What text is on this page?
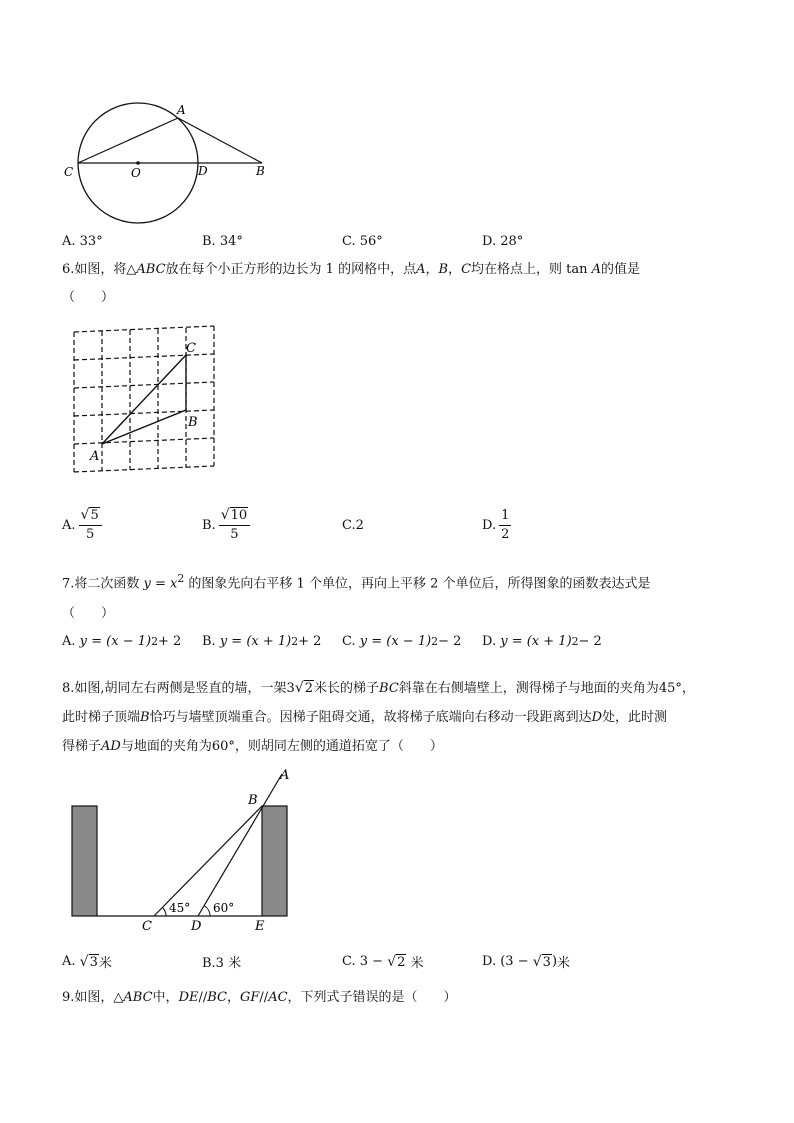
A
C	O	D	B
A. 33°	B. 34°	C. 56°	D. 28°
6.如图，将△ABC放在每个小正方形的边长为 1 的网格中，点A，B，C均在格点上，则 tan A的值是
（　　）
A
B
C
A. $\frac{√5}{5}$	B. $\frac{√10}{5}$	C.2	D. $\frac{1}{2}$
7.将二次函数 $y = x^2$ 的图象先向右平移 1 个单位，再向上平移 2 个单位后，所得图象的函数表达式是
（　　）
A.
y = (x − 1) 2 + 2 B.
y = (x + 1) 2 + 2 C.
y = (x − 1) 2 − 2 D.
y = (x + 1) 2 − 2
8.如图,胡同左右两侧是竖直的墙，一架3√2米长的梯子BC斜靠在右侧墙壁上，测得梯子与地面的夹角为45°，
此时梯子顶端B恰巧与墙壁顶端重合。因梯子阻碍交通，故将梯子底端向右移动一段距离到达D处，此时测
得梯子AD与地面的夹角为60°，则胡同左侧的通道拓宽了（　　）
A
B
C	D	E
45° 60°
A.
√ 3 米	B.3 米	C. 3 −
√ 2
米	D.
(3 −
√ 3 ) 米
9.如图，△ABC中，DE//BC，GF//AC，下列式子错误的是（　　）
